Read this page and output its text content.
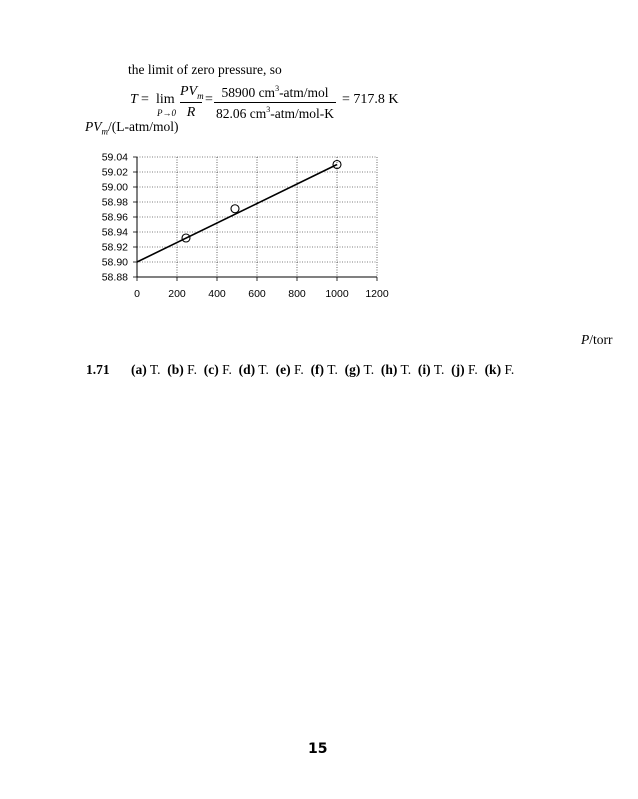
the limit of zero pressure, so
T = lim
P→0
$PV_m$
R
= 58900 $cm^3-atm$/mol
82.06 $cm^3-atm/mol-K$
= 717.8 K
$PV_m/(L-atm/mol)$
59.04
59.02
59.00
58.98
58.96
58.94
58.92
58.90
58.88
0	200 400 600 800 1000 1200
P/torr
1.71 (a) T.  (b) F.  (c) F.  (d) T.  (e) F.  (f) T.  (g) T.  (h) T.  (i) T.  (j) F.  (k) F.
15
